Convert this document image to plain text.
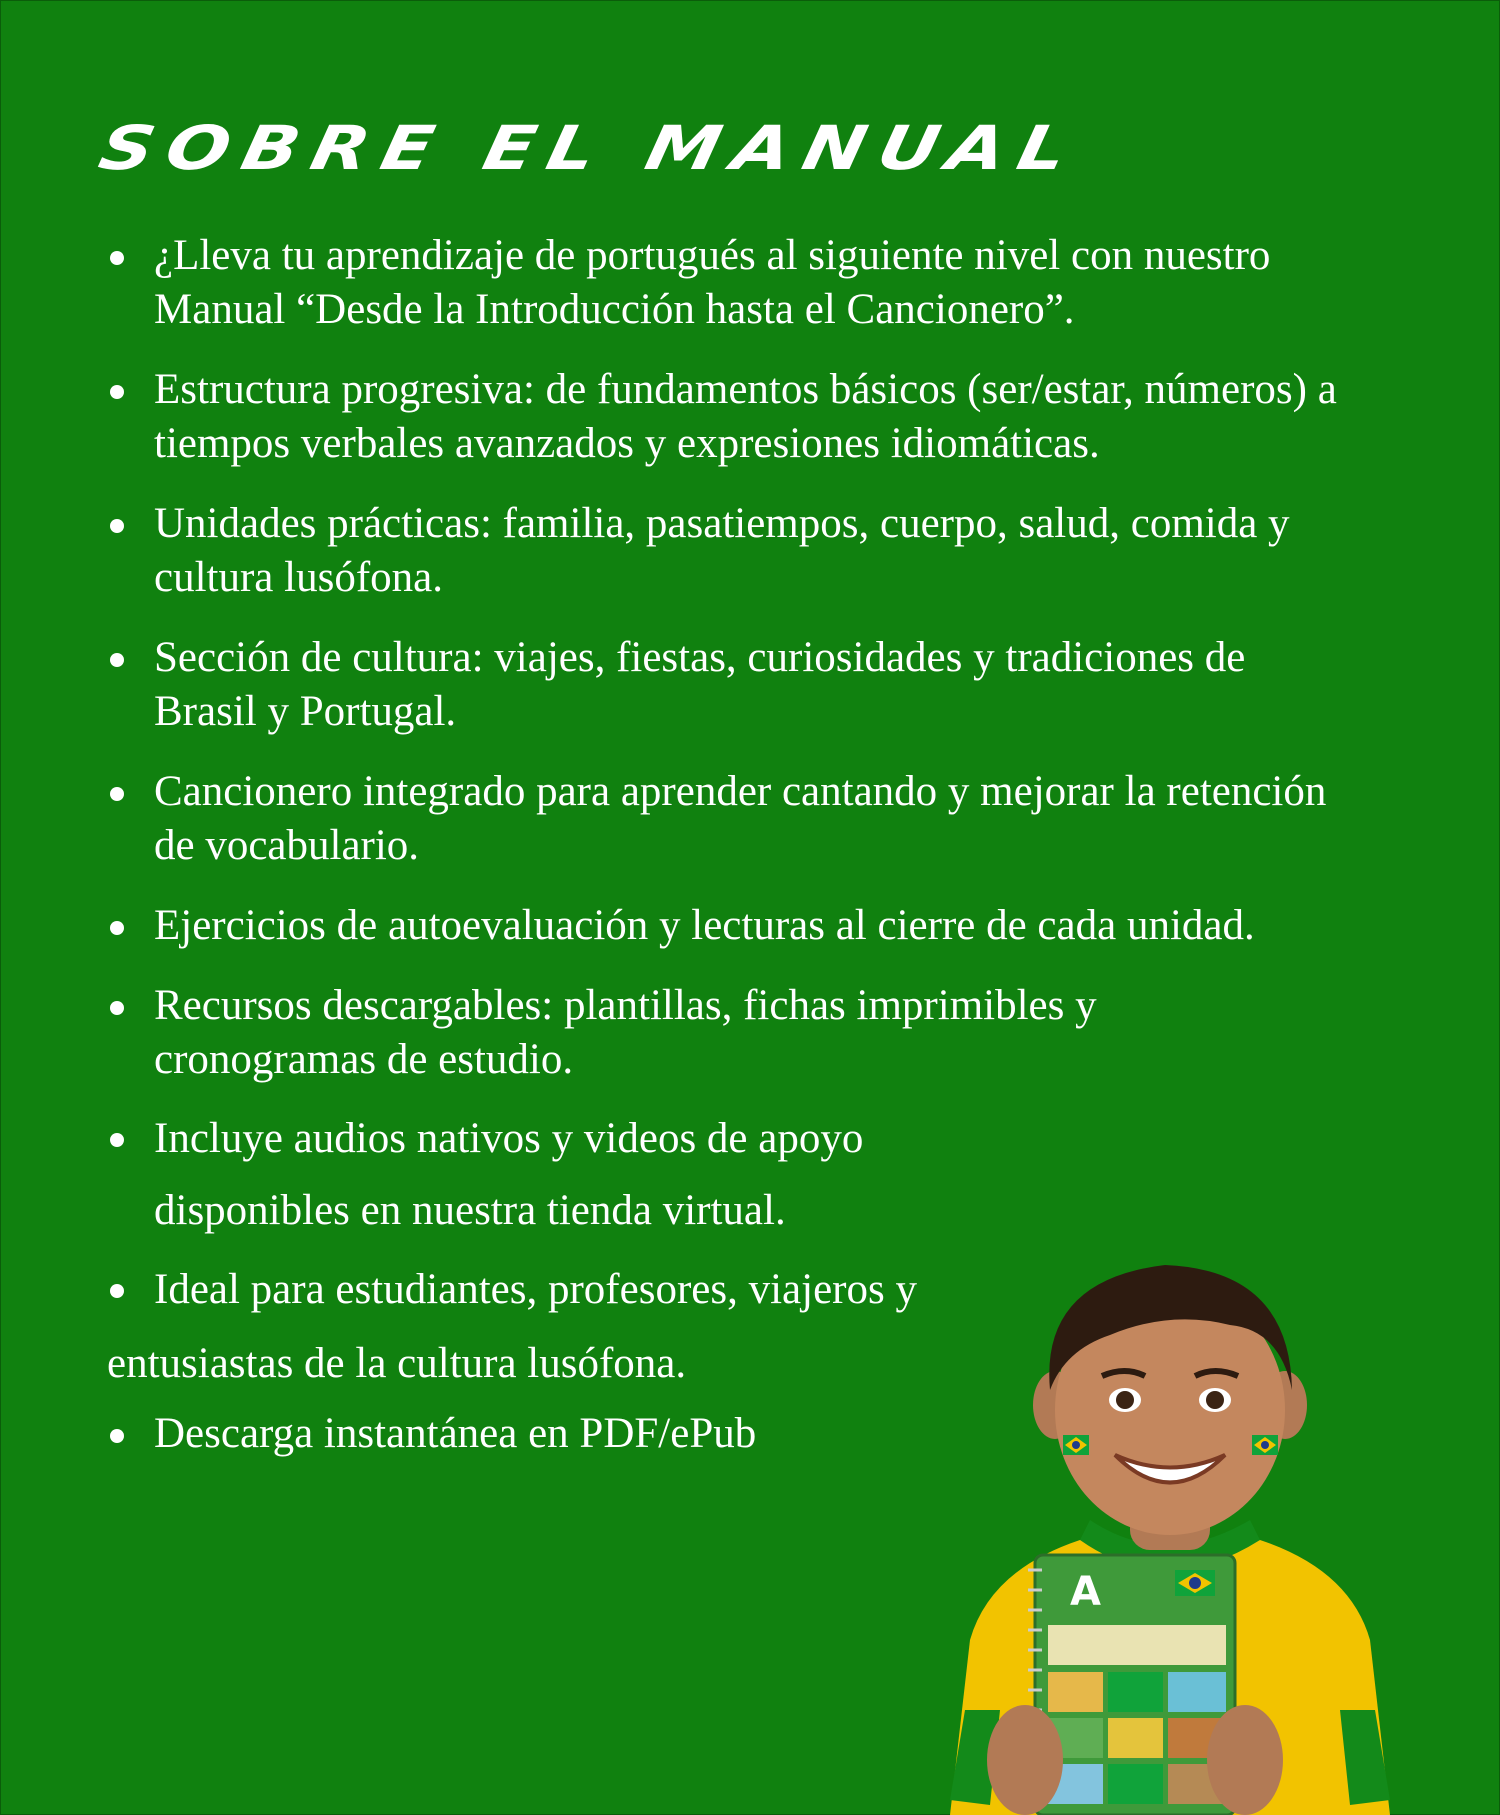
SOBRE EL MANUAL
¿Lleva tu aprendizaje de portugués al siguiente nivel con nuestro Manual “Desde la Introducción hasta el Cancionero”.
Estructura progresiva: de fundamentos básicos (ser/estar, números) a tiempos verbales avanzados y expresiones idiomáticas.
Unidades prácticas: familia, pasatiempos, cuerpo, salud, comida y cultura lusófona.
Sección de cultura: viajes, fiestas, curiosidades y tradiciones de Brasil y Portugal.
Cancionero integrado para aprender cantando y mejorar la retención de vocabulario.
Ejercicios de autoevaluación y lecturas al cierre de cada unidad.
Recursos descargables: plantillas, fichas imprimibles y cronogramas de estudio.
Incluye audios nativos y videos de apoyo disponibles en nuestra tienda virtual.
Ideal para estudiantes, profesores, viajeros y entusiastas de la cultura lusófona.
Descarga instantánea en PDF/ePub
A
